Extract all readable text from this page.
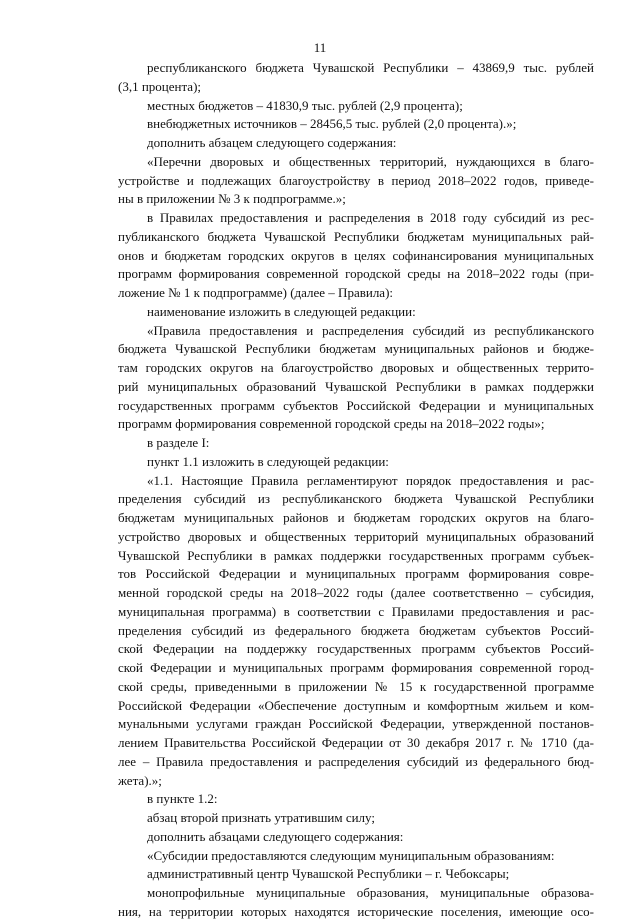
11
республиканского бюджета Чувашской Республики – 43869,9 тыс. рублей
(3,1 процента);
местных бюджетов – 41830,9 тыс. рублей (2,9 процента);
внебюджетных источников – 28456,5 тыс. рублей (2,0 процента).»;
дополнить абзацем следующего содержания:
«Перечни дворовых и общественных территорий, нуждающихся в благо-
устройстве и подлежащих благоустройству в период 2018–2022 годов, приведе-
ны в приложении № 3 к подпрограмме.»;
в Правилах предоставления и распределения в 2018 году субсидий из рес-
публиканского бюджета Чувашской Республики бюджетам муниципальных рай-
онов и бюджетам городских округов в целях софинансирования муниципальных
программ формирования современной городской среды на 2018–2022 годы (при-
ложение № 1 к подпрограмме) (далее – Правила):
наименование изложить в следующей редакции:
«Правила предоставления и распределения субсидий из республиканского
бюджета Чувашской Республики бюджетам муниципальных районов и бюдже-
там городских округов на благоустройство дворовых и общественных террито-
рий муниципальных образований Чувашской Республики в рамках поддержки
государственных программ субъектов Российской Федерации и муниципальных
программ формирования современной городской среды на 2018–2022 годы»;
в разделе I:
пункт 1.1 изложить в следующей редакции:
«1.1. Настоящие Правила регламентируют порядок предоставления и рас-
пределения субсидий из республиканского бюджета Чувашской Республики
бюджетам муниципальных районов и бюджетам городских округов на благо-
устройство дворовых и общественных территорий муниципальных образований
Чувашской Республики в рамках поддержки государственных программ субъек-
тов Российской Федерации и муниципальных программ формирования совре-
менной городской среды на 2018–2022 годы (далее соответственно – субсидия,
муниципальная программа) в соответствии с Правилами предоставления и рас-
пределения субсидий из федерального бюджета бюджетам субъектов Россий-
ской Федерации на поддержку государственных программ субъектов Россий-
ской Федерации и муниципальных программ формирования современной город-
ской среды, приведенными в приложении № 15 к государственной программе
Российской Федерации «Обеспечение доступным и комфортным жильем и ком-
мунальными услугами граждан Российской Федерации, утвержденной постанов-
лением Правительства Российской Федерации от 30 декабря 2017 г. № 1710 (да-
лее – Правила предоставления и распределения субсидий из федерального бюд-
жета).»;
в пункте 1.2:
абзац второй признать утратившим силу;
дополнить абзацами следующего содержания:
«Субсидии предоставляются следующим муниципальным образованиям:
административный центр Чувашской Республики – г. Чебоксары;
монопрофильные муниципальные образования, муниципальные образова-
ния, на территории которых находятся исторические поселения, имеющие осо-
